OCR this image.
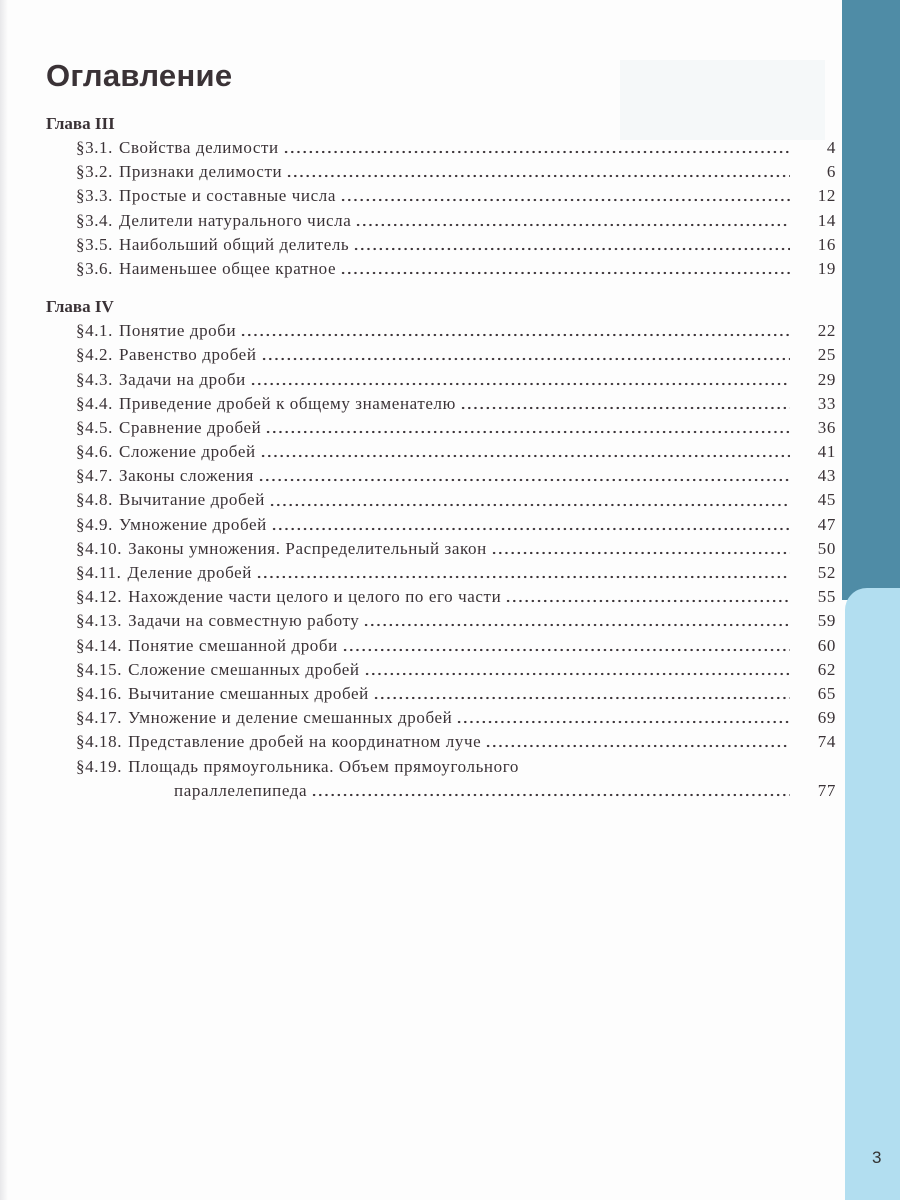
Оглавление
Глава III
§3.1. Свойства делимости	4
§3.2. Признаки делимости	6
§3.3. Простые и составные числа	12
§3.4. Делители натурального числа	14
§3.5. Наибольший общий делитель	16
§3.6. Наименьшее общее кратное	19
Глава IV
§4.1. Понятие дроби	22
§4.2. Равенство дробей	25
§4.3. Задачи на дроби	29
§4.4. Приведение дробей к общему знаменателю	33
§4.5. Сравнение дробей	36
§4.6. Сложение дробей	41
§4.7. Законы сложения	43
§4.8. Вычитание дробей	45
§4.9. Умножение дробей	47
§4.10. Законы умножения. Распределительный закон	50
§4.11. Деление дробей	52
§4.12. Нахождение части целого и целого по его части	55
§4.13. Задачи на совместную работу	59
§4.14. Понятие смешанной дроби	60
§4.15. Сложение смешанных дробей	62
§4.16. Вычитание смешанных дробей	65
§4.17. Умножение и деление смешанных дробей	69
§4.18. Представление дробей на координатном луче	74
§4.19. Площадь прямоугольника. Объем прямоугольного
параллелепипеда	77
3
